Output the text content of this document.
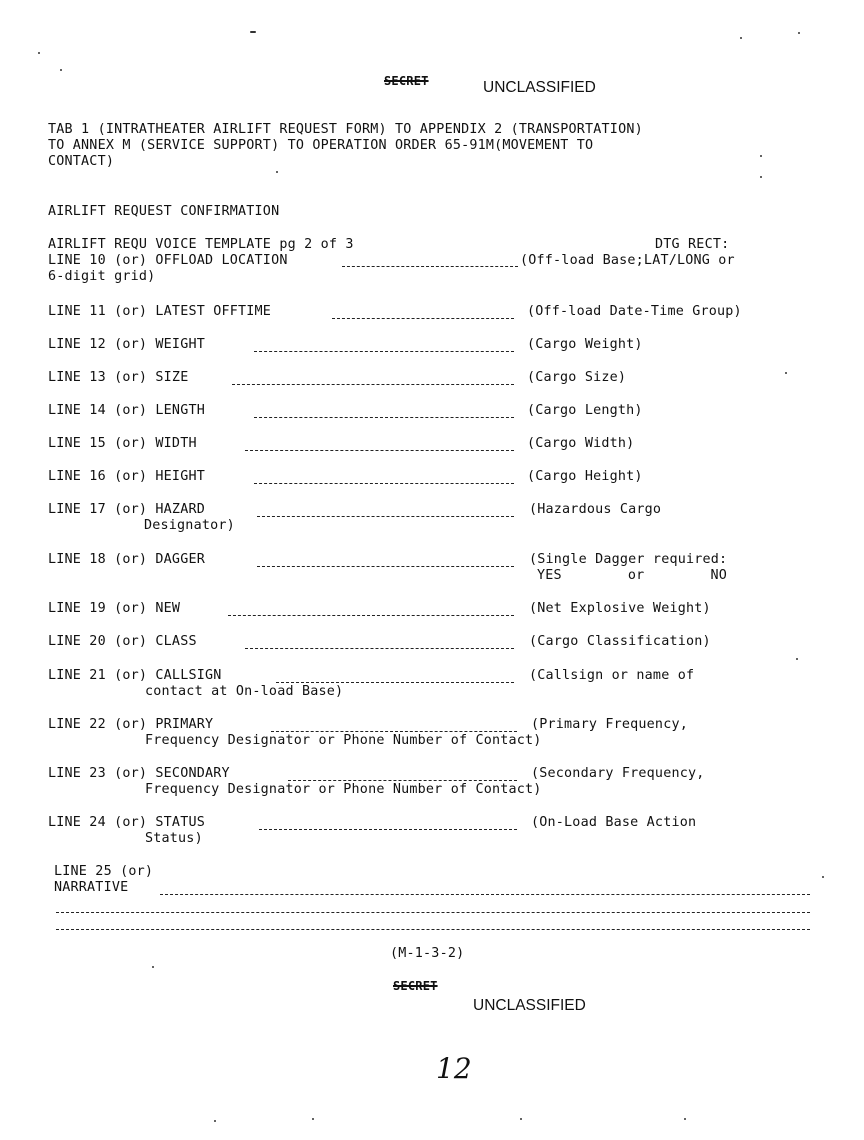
SECRET	UNCLASSIFIED
TAB 1 (INTRATHEATER AIRLIFT REQUEST FORM) TO APPENDIX 2 (TRANSPORTATION)
TO ANNEX M (SERVICE SUPPORT) TO OPERATION ORDER 65-91M(MOVEMENT TO
CONTACT)
AIRLIFT REQUEST CONFIRMATION
AIRLIFT REQU VOICE TEMPLATE pg 2 of 3	DTG RECT:
LINE 10 (or) OFFLOAD LOCATION	(Off-load Base;LAT/LONG or
6-digit grid)
LINE 11 (or) LATEST OFFTIME	(Off-load Date-Time Group)
LINE 12 (or) WEIGHT	(Cargo Weight)
LINE 13 (or) SIZE	(Cargo Size)
LINE 14 (or) LENGTH	(Cargo Length)
LINE 15 (or) WIDTH	(Cargo Width)
LINE 16 (or) HEIGHT	(Cargo Height)
LINE 17 (or) HAZARD	(Hazardous Cargo
Designator)
LINE 18 (or) DAGGER	(Single Dagger required:
YES        or        NO
LINE 19 (or) NEW	(Net Explosive Weight)
LINE 20 (or) CLASS	(Cargo Classification)
LINE 21 (or) CALLSIGN	(Callsign or name of
contact at On-load Base)
LINE 22 (or) PRIMARY	(Primary Frequency,
Frequency Designator or Phone Number of Contact)
LINE 23 (or) SECONDARY	(Secondary Frequency,
Frequency Designator or Phone Number of Contact)
LINE 24 (or) STATUS	(On-Load Base Action
Status)
LINE 25 (or)
NARRATIVE
(M-1-3-2)
SECRET
UNCLASSIFIED
12
